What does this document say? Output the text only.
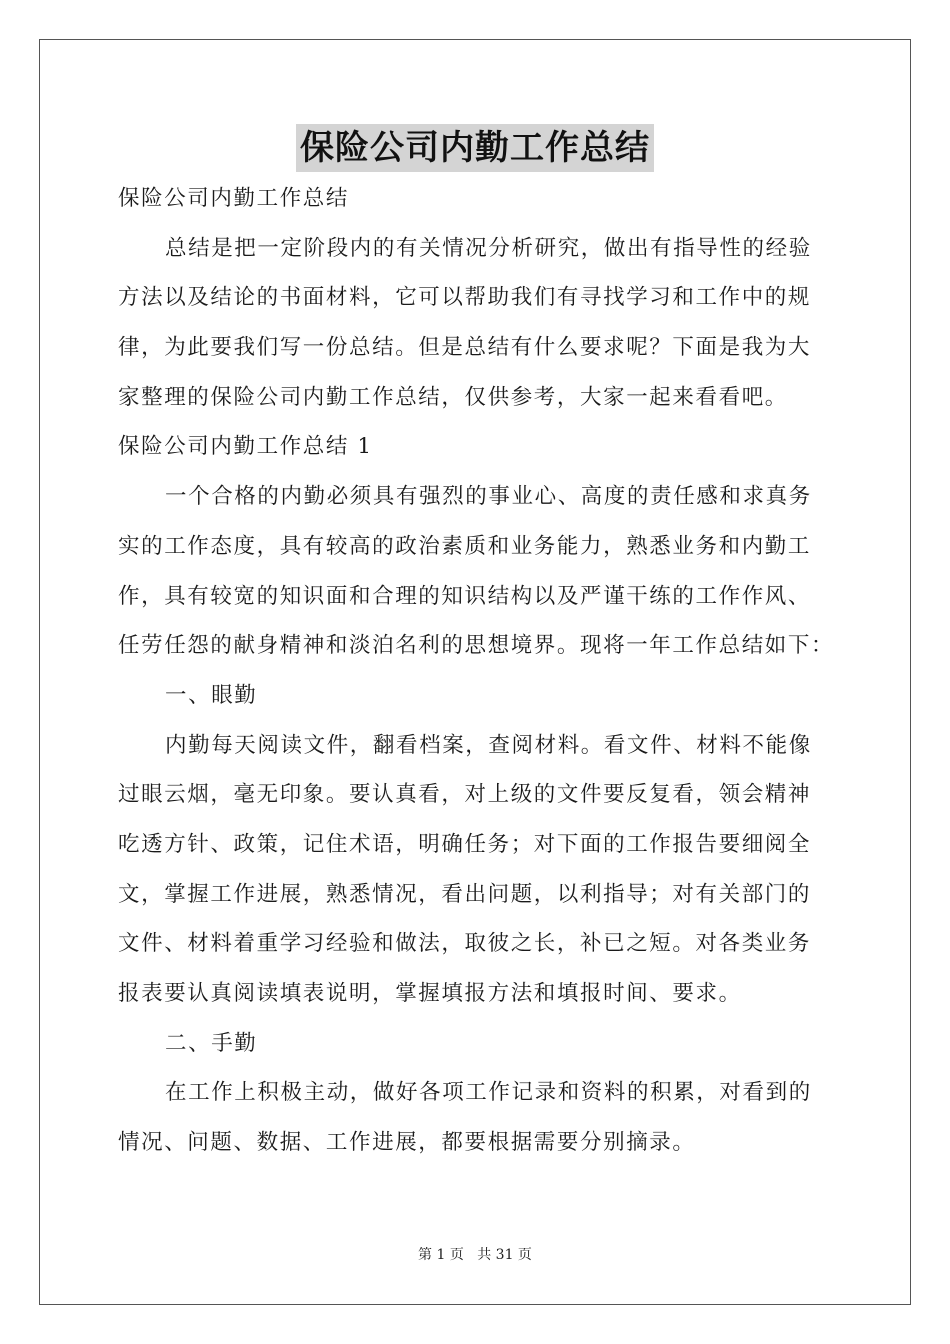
保险公司内勤工作总结
保险公司内勤工作总结
总结是把一定阶段内的有关情况分析研究，做出有指导性的经验
方法以及结论的书面材料，它可以帮助我们有寻找学习和工作中的规
律，为此要我们写一份总结。但是总结有什么要求呢？下面是我为大
家整理的保险公司内勤工作总结，仅供参考，大家一起来看看吧。
保险公司内勤工作总结 1
一个合格的内勤必须具有强烈的事业心、高度的责任感和求真务
实的工作态度，具有较高的政治素质和业务能力，熟悉业务和内勤工
作，具有较宽的知识面和合理的知识结构以及严谨干练的工作作风、
任劳任怨的献身精神和淡泊名利的思想境界。现将一年工作总结如下：
一、眼勤
内勤每天阅读文件，翻看档案，查阅材料。看文件、材料不能像
过眼云烟，毫无印象。要认真看，对上级的文件要反复看，领会精神
吃透方针、政策，记住术语，明确任务；对下面的工作报告要细阅全
文，掌握工作进展，熟悉情况，看出问题，以利指导；对有关部门的
文件、材料着重学习经验和做法，取彼之长，补已之短。对各类业务
报表要认真阅读填表说明，掌握填报方法和填报时间、要求。
二、手勤
在工作上积极主动，做好各项工作记录和资料的积累，对看到的
情况、问题、数据、工作进展，都要根据需要分别摘录。
第 1 页 共 31 页
